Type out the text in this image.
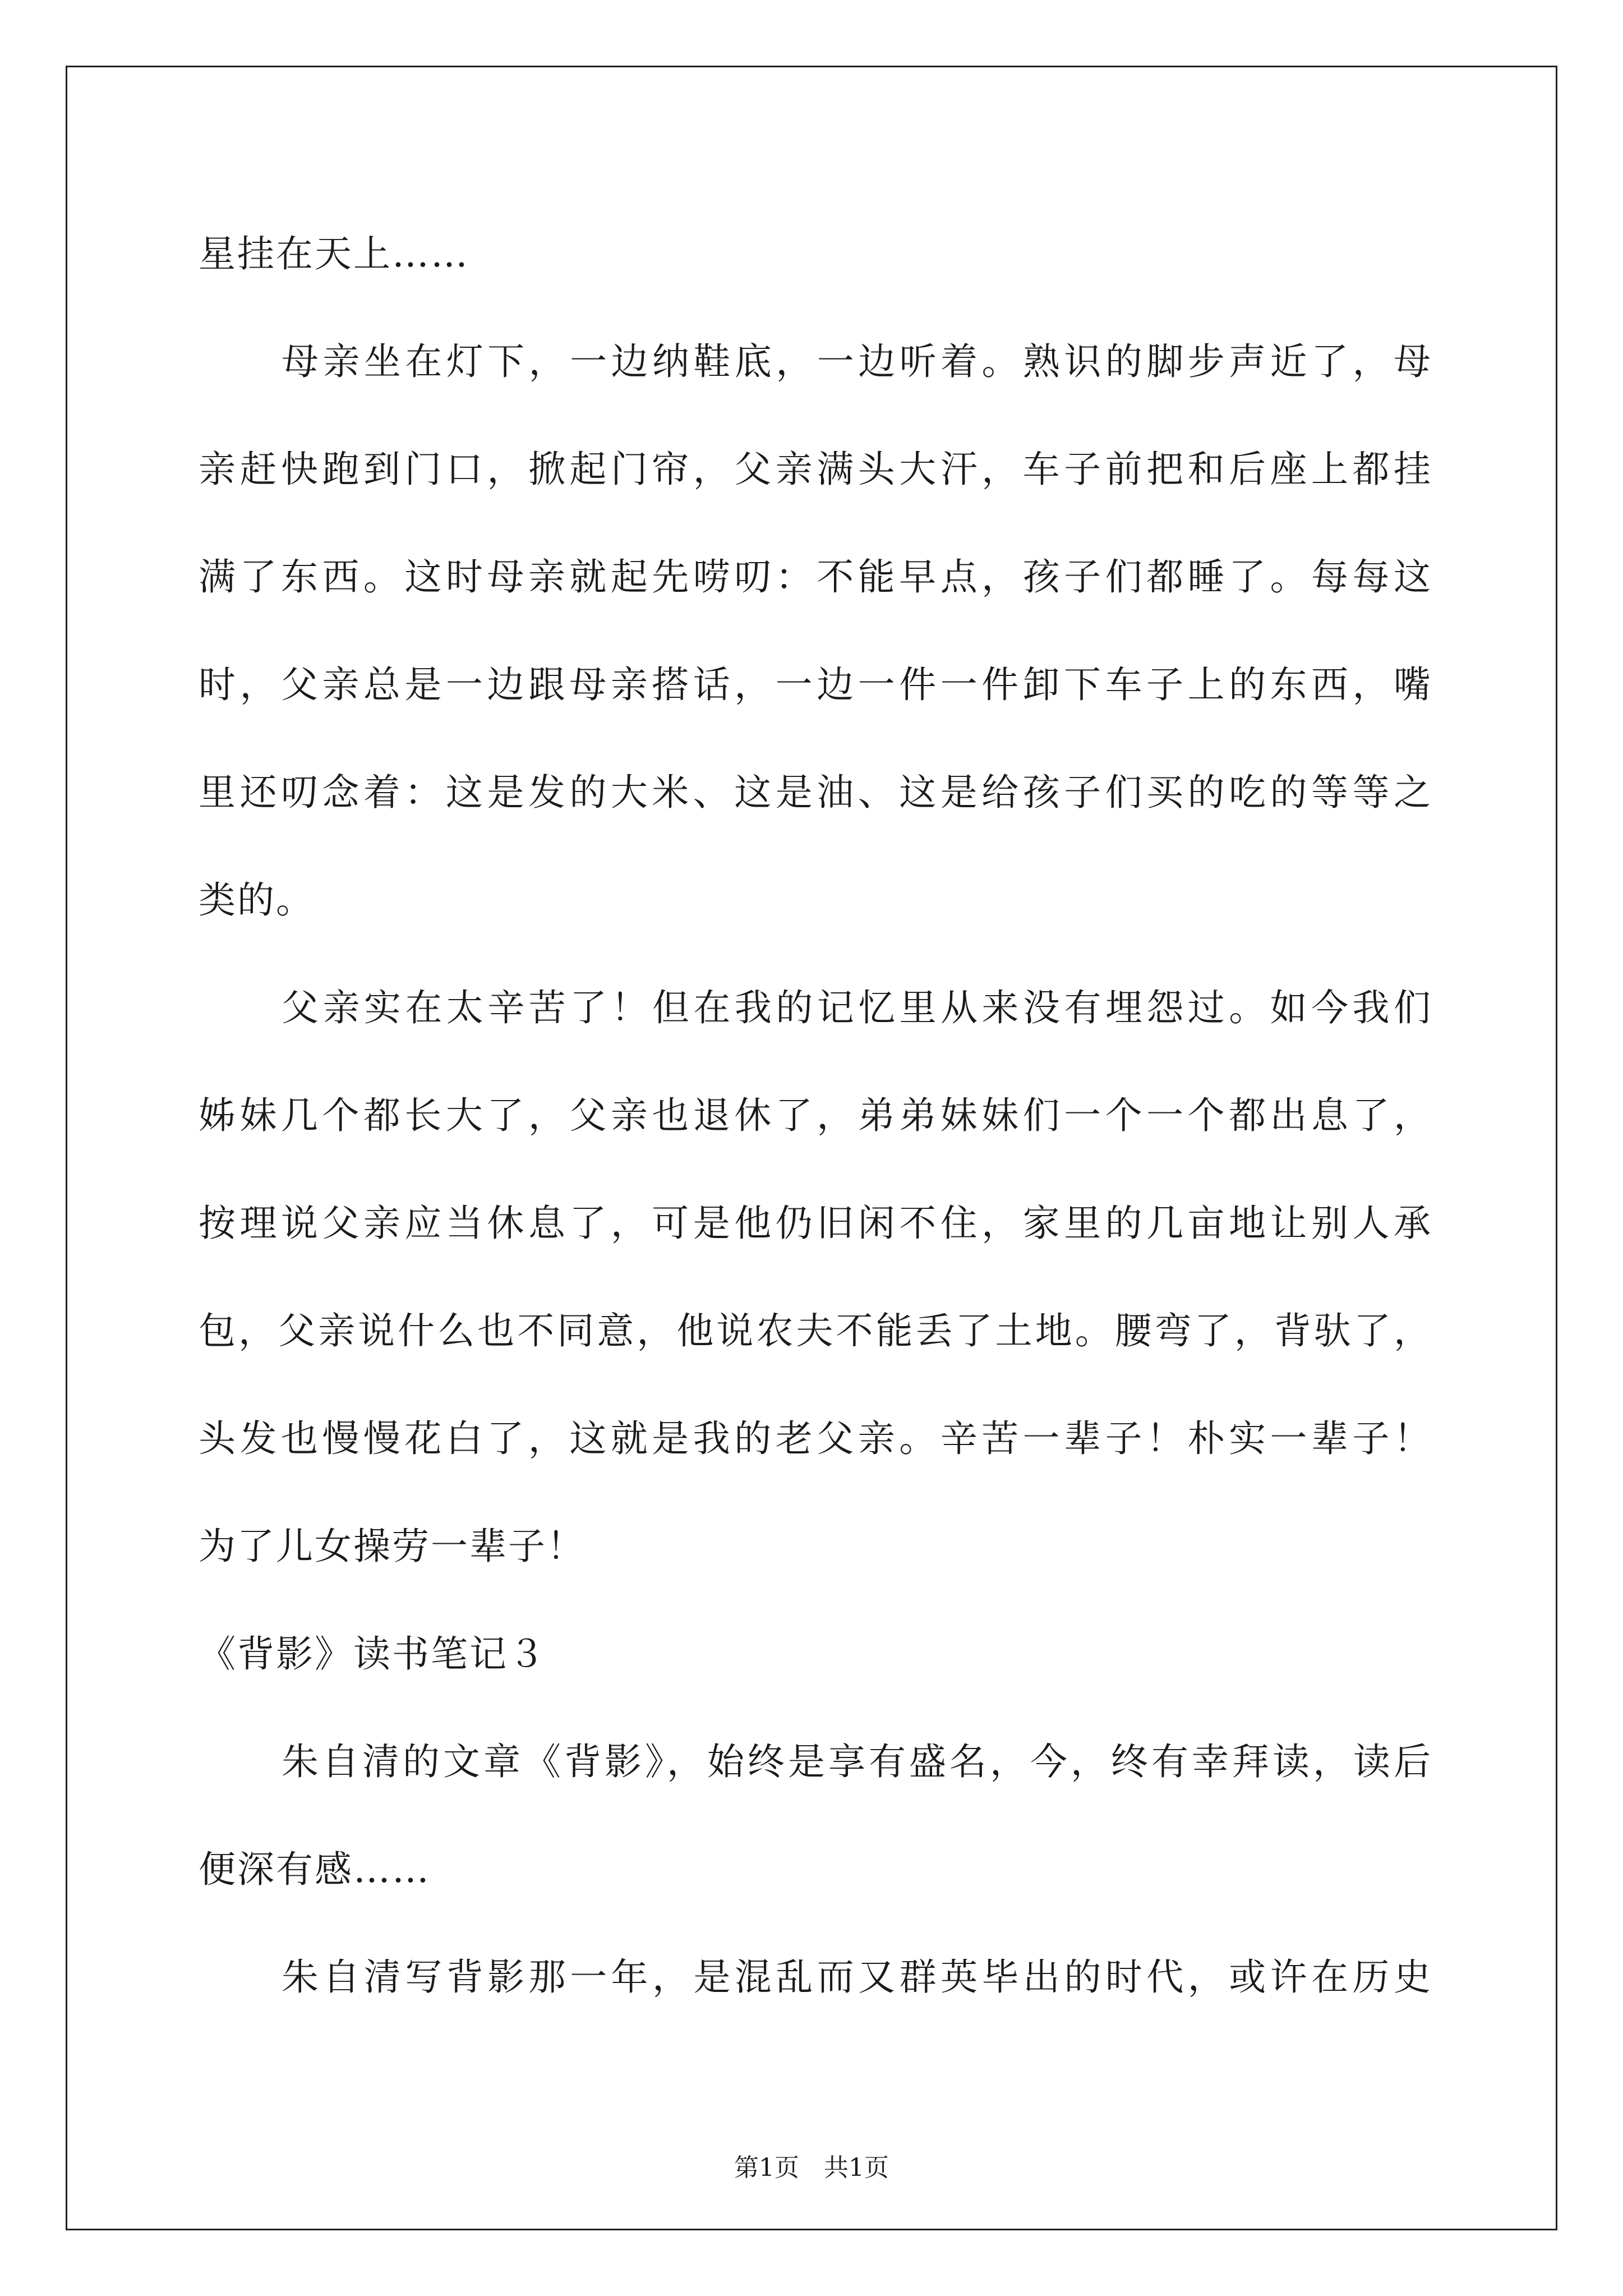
星挂在天上……
母亲坐在灯下，一边纳鞋底，一边听着。熟识的脚步声近了，母
亲赶快跑到门口，掀起门帘，父亲满头大汗，车子前把和后座上都挂
满了东西。这时母亲就起先唠叨：不能早点，孩子们都睡了。每每这
时，父亲总是一边跟母亲搭话，一边一件一件卸下车子上的东西，嘴
里还叨念着：这是发的大米、这是油、这是给孩子们买的吃的等等之
类的。
父亲实在太辛苦了！但在我的记忆里从来没有埋怨过。如今我们
姊妹几个都长大了，父亲也退休了，弟弟妹妹们一个一个都出息了，
按理说父亲应当休息了，可是他仍旧闲不住，家里的几亩地让别人承
包，父亲说什么也不同意，他说农夫不能丢了土地。腰弯了，背驮了，
头发也慢慢花白了，这就是我的老父亲。辛苦一辈子！朴实一辈子！
为了儿女操劳一辈子！
《背影》读书笔记３
朱自清的文章《背影》，始终是享有盛名，今，终有幸拜读，读后
便深有感……
朱自清写背影那一年，是混乱而又群英毕出的时代，或许在历史
第1页　共1页
